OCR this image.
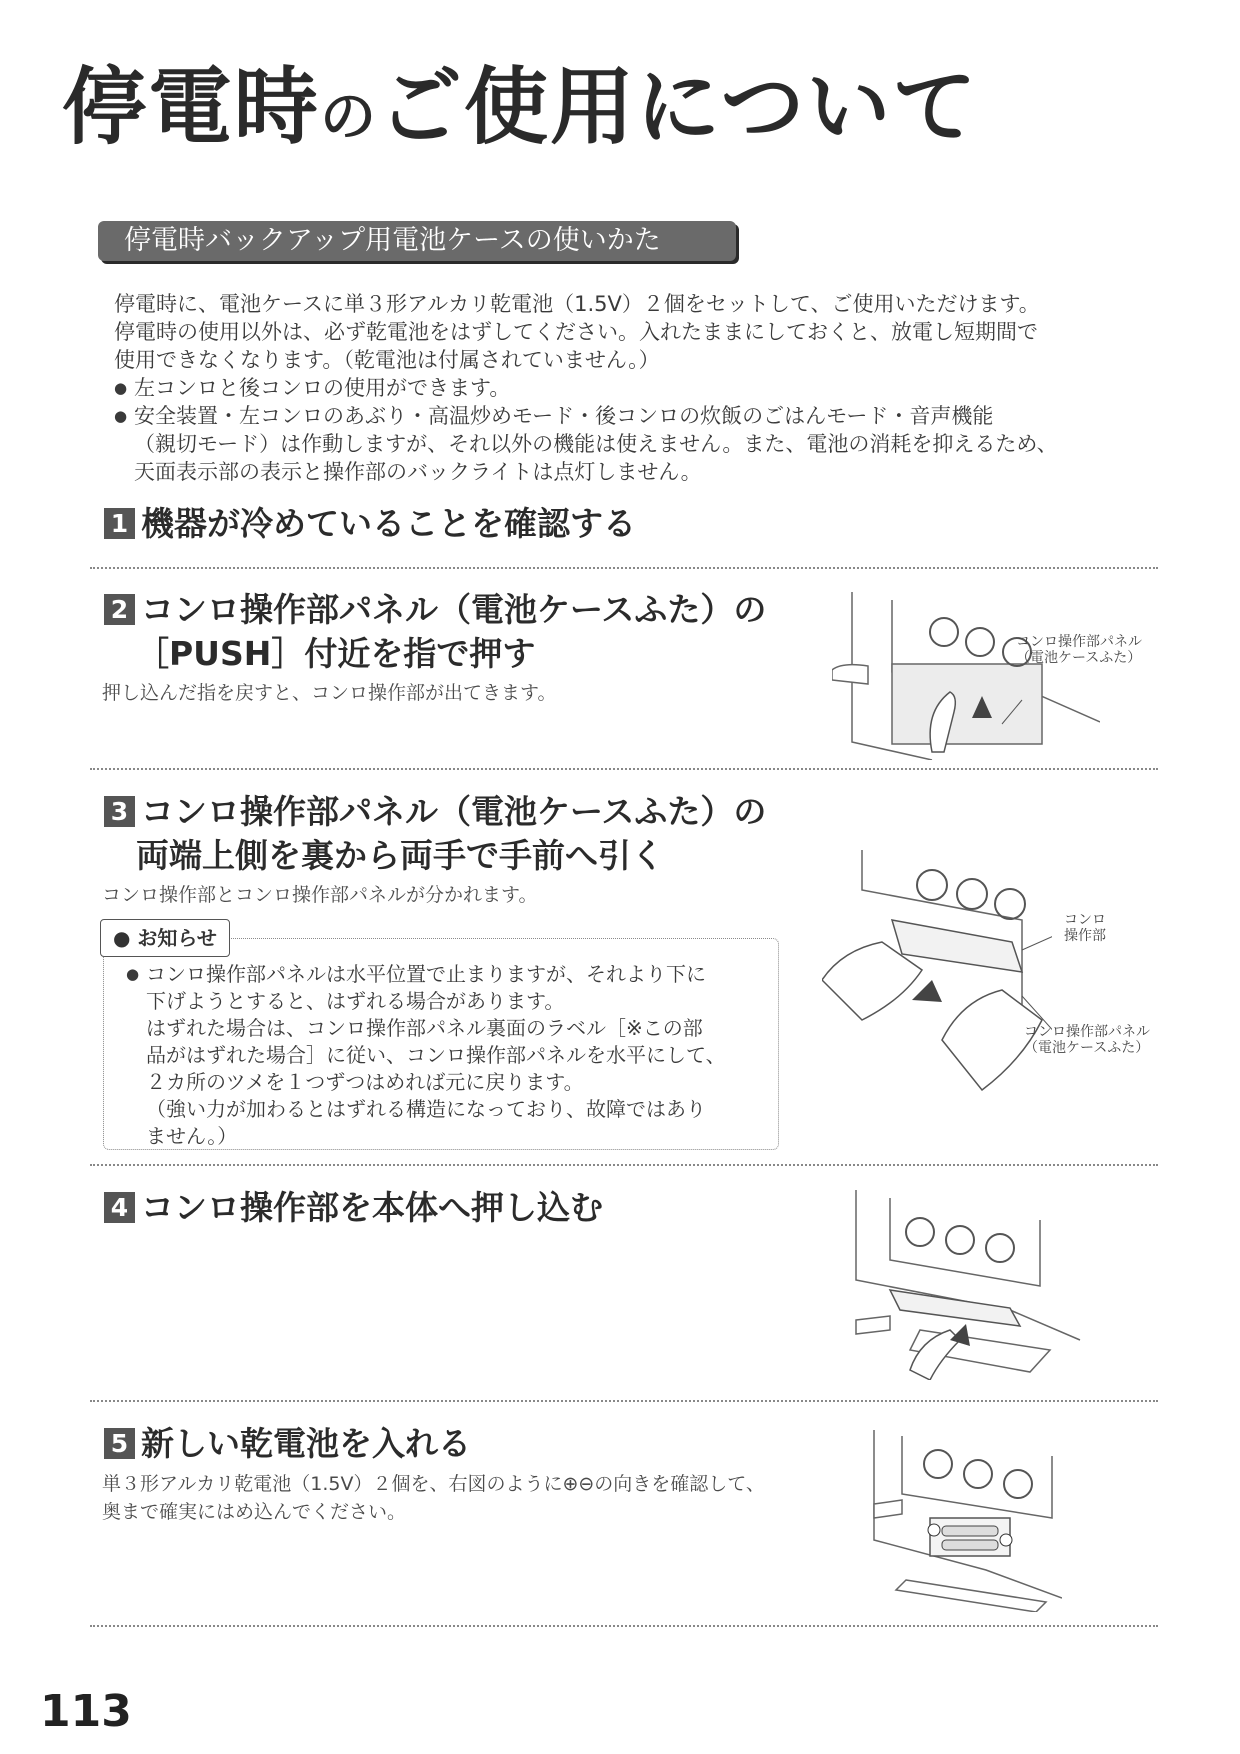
停電時のご使用について
停電時バックアップ用電池ケースの使いかた

停電時に、電池ケースに単３形アルカリ乾電池（1.5V）２個をセットして、ご使用いただけます。

停電時の使用以外は、必ず乾電池をはずしてください。入れたままにしておくと、放電し短期間で

使用できなくなります。（乾電池は付属されていません。）

● 左コンロと後コンロの使用ができます。

● 安全装置・左コンロのあぶり・高温炒めモード・後コンロの炊飯のごはんモード・音声機能
（親切モード）は作動しますが、それ以外の機能は使えません。また、電池の消耗を抑えるため、
天面表示部の表示と操作部のバックライトは点灯しません。
1 機器が冷めていることを確認する
2 コンロ操作部パネル（電池ケースふた）の
［PUSH］付近を指で押す
押し込んだ指を戻すと、コンロ操作部が出てきます。
コンロ操作部パネル
（電池ケースふた）
3 コンロ操作部パネル（電池ケースふた）の
両端上側を裏から両手で手前へ引く
コンロ操作部とコンロ操作部パネルが分かれます。
● お知らせ

● コンロ操作部パネルは水平位置で止まりますが、それより下に

下げようとすると、はずれる場合があります。

はずれた場合は、コンロ操作部パネル裏面のラベル［※この部

品がはずれた場合］に従い、コンロ操作部パネルを水平にして、

２カ所のツメを１つずつはめれば元に戻ります。

（強い力が加わるとはずれる構造になっており、故障ではあり

ません。）

コンロ
操作部
コンロ操作部パネル
（電池ケースふた）
4 コンロ操作部を本体へ押し込む
5 新しい乾電池を入れる
単３形アルカリ乾電池（1.5V）２個を、右図のように⊕⊖の向きを確認して、
奥まで確実にはめ込んでください。
113
